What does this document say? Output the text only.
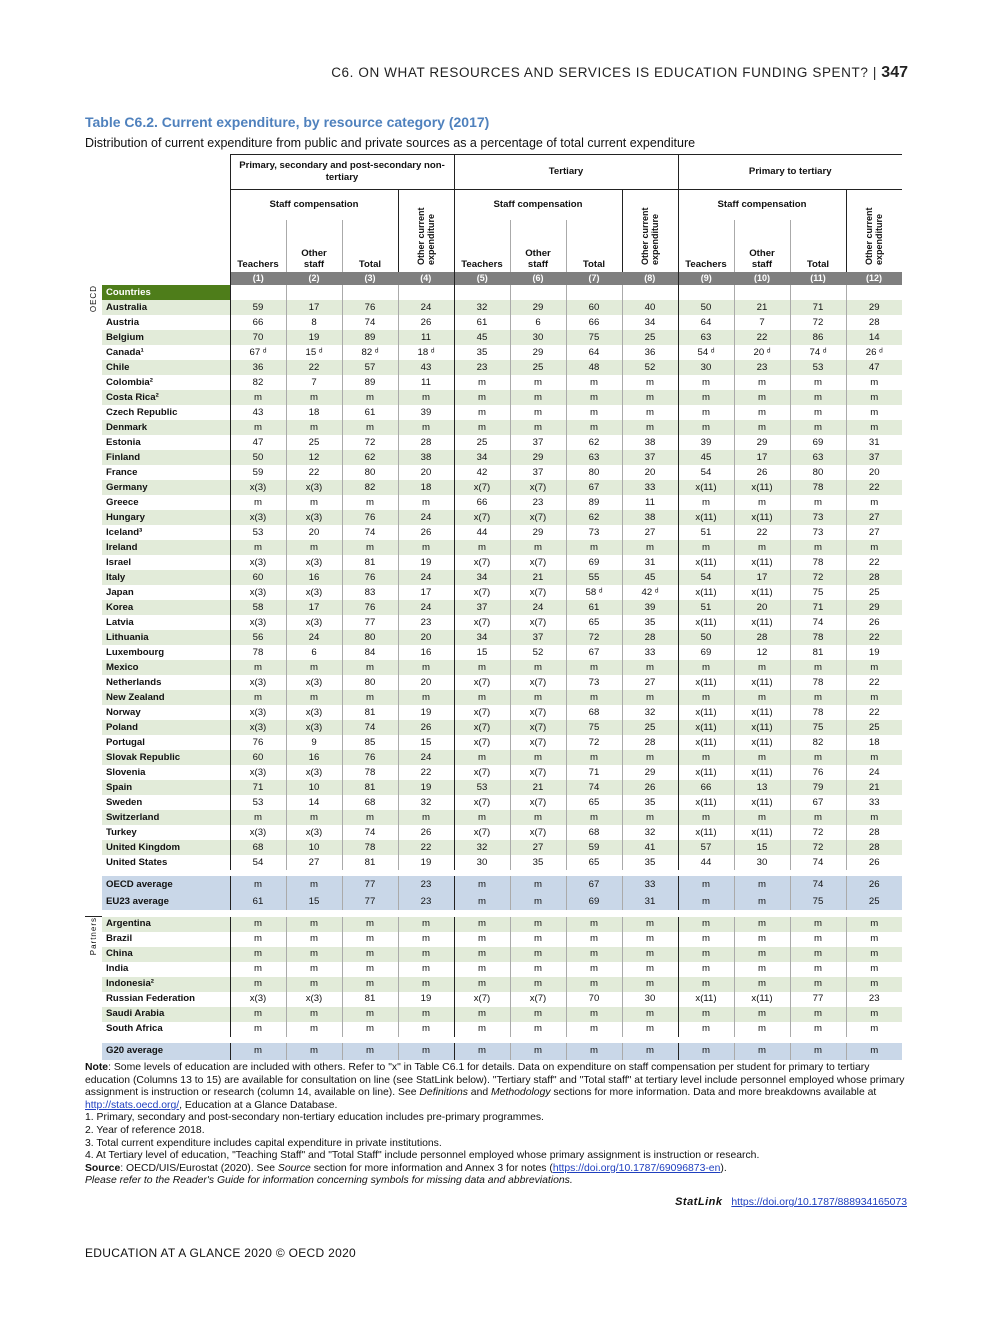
C6. ON WHAT RESOURCES AND SERVICES IS EDUCATION FUNDING SPENT? | 347
Table C6.2. Current expenditure, by resource category (2017)
Distribution of current expenditure from public and private sources as a percentage of total current expenditure
		Primary, secondary and post-secondary non-tertiary				Tertiary				Primary to tertiary			
		Staff compensation			Other current expenditure	Staff compensation			Other current expenditure	Staff compensation			Other current expenditure
		Teachers	Other staff	Total		Teachers	Other staff	Total		Teachers	Other staff	Total	
		(1)	(2)	(3)	(4)	(5)	(6)	(7)	(8)	(9)	(10)	(11)	(12)
OECD	Countries												
	Australia	59	17	76	24	32	29	60	40	50	21	71	29
	Austria	66	8	74	26	61	6	66	34	64	7	72	28
	Belgium	70	19	89	11	45	30	75	25	63	22	86	14
	Canada¹	67 ᵈ	15 ᵈ	82 ᵈ	18 ᵈ	35	29	64	36	54 ᵈ	20 ᵈ	74 ᵈ	26 ᵈ
	Chile	36	22	57	43	23	25	48	52	30	23	53	47
	Colombia²	82	7	89	11	m	m	m	m	m	m	m	m
	Costa Rica²	m	m	m	m	m	m	m	m	m	m	m	m
	Czech Republic	43	18	61	39	m	m	m	m	m	m	m	m
	Denmark	m	m	m	m	m	m	m	m	m	m	m	m
	Estonia	47	25	72	28	25	37	62	38	39	29	69	31
	Finland	50	12	62	38	34	29	63	37	45	17	63	37
	France	59	22	80	20	42	37	80	20	54	26	80	20
	Germany	x(3)	x(3)	82	18	x(7)	x(7)	67	33	x(11)	x(11)	78	22
	Greece	m	m	m	m	66	23	89	11	m	m	m	m
	Hungary	x(3)	x(3)	76	24	x(7)	x(7)	62	38	x(11)	x(11)	73	27
	Iceland³	53	20	74	26	44	29	73	27	51	22	73	27
	Ireland	m	m	m	m	m	m	m	m	m	m	m	m
	Israel	x(3)	x(3)	81	19	x(7)	x(7)	69	31	x(11)	x(11)	78	22
	Italy	60	16	76	24	34	21	55	45	54	17	72	28
	Japan	x(3)	x(3)	83	17	x(7)	x(7)	58 ᵈ	42 ᵈ	x(11)	x(11)	75	25
	Korea	58	17	76	24	37	24	61	39	51	20	71	29
	Latvia	x(3)	x(3)	77	23	x(7)	x(7)	65	35	x(11)	x(11)	74	26
	Lithuania	56	24	80	20	34	37	72	28	50	28	78	22
	Luxembourg	78	6	84	16	15	52	67	33	69	12	81	19
	Mexico	m	m	m	m	m	m	m	m	m	m	m	m
	Netherlands	x(3)	x(3)	80	20	x(7)	x(7)	73	27	x(11)	x(11)	78	22
	New Zealand	m	m	m	m	m	m	m	m	m	m	m	m
	Norway	x(3)	x(3)	81	19	x(7)	x(7)	68	32	x(11)	x(11)	78	22
	Poland	x(3)	x(3)	74	26	x(7)	x(7)	75	25	x(11)	x(11)	75	25
	Portugal	76	9	85	15	x(7)	x(7)	72	28	x(11)	x(11)	82	18
	Slovak Republic	60	16	76	24	m	m	m	m	m	m	m	m
	Slovenia	x(3)	x(3)	78	22	x(7)	x(7)	71	29	x(11)	x(11)	76	24
	Spain	71	10	81	19	53	21	74	26	66	13	79	21
	Sweden	53	14	68	32	x(7)	x(7)	65	35	x(11)	x(11)	67	33
	Switzerland	m	m	m	m	m	m	m	m	m	m	m	m
	Turkey	x(3)	x(3)	74	26	x(7)	x(7)	68	32	x(11)	x(11)	72	28
	United Kingdom	68	10	78	22	32	27	59	41	57	15	72	28
	United States	54	27	81	19	30	35	65	35	44	30	74	26

	OECD average	m	m	77	23	m	m	67	33	m	m	74	26
	EU23 average	61	15	77	23	m	m	69	31	m	m	75	25

Partners	Argentina	m	m	m	m	m	m	m	m	m	m	m	m
	Brazil	m	m	m	m	m	m	m	m	m	m	m	m
	China	m	m	m	m	m	m	m	m	m	m	m	m
	India	m	m	m	m	m	m	m	m	m	m	m	m
	Indonesia²	m	m	m	m	m	m	m	m	m	m	m	m
	Russian Federation	x(3)	x(3)	81	19	x(7)	x(7)	70	30	x(11)	x(11)	77	23
	Saudi Arabia	m	m	m	m	m	m	m	m	m	m	m	m
	South Africa	m	m	m	m	m	m	m	m	m	m	m	m

	G20 average	m	m	m	m	m	m	m	m	m	m	m	m

Note: Some levels of education are included with others. Refer to "x" in Table C6.1 for details. Data on expenditure on staff compensation per student for primary to tertiary education (Columns 13 to 15) are available for consultation on line (see StatLink below). "Tertiary staff" and "Total staff" at tertiary level include personnel employed whose primary assignment is instruction or research (column 14, available on line). See Definitions and Methodology sections for more information. Data and more breakdowns available at http://stats.oecd.org/, Education at a Glance Database.

1. Primary, secondary and post-secondary non-tertiary education includes pre-primary programmes.

2. Year of reference 2018.

3. Total current expenditure includes capital expenditure in private institutions.

4. At Tertiary level of education, "Teaching Staff" and "Total Staff" include personnel employed whose primary assignment is instruction or research.

Source: OECD/UIS/Eurostat (2020). See Source section for more information and Annex 3 for notes (https://doi.org/10.1787/69096873-en).

Please refer to the Reader's Guide for information concerning symbols for missing data and abbreviations.

StatLink https://doi.org/10.1787/888934165073
EDUCATION AT A GLANCE 2020 © OECD 2020
